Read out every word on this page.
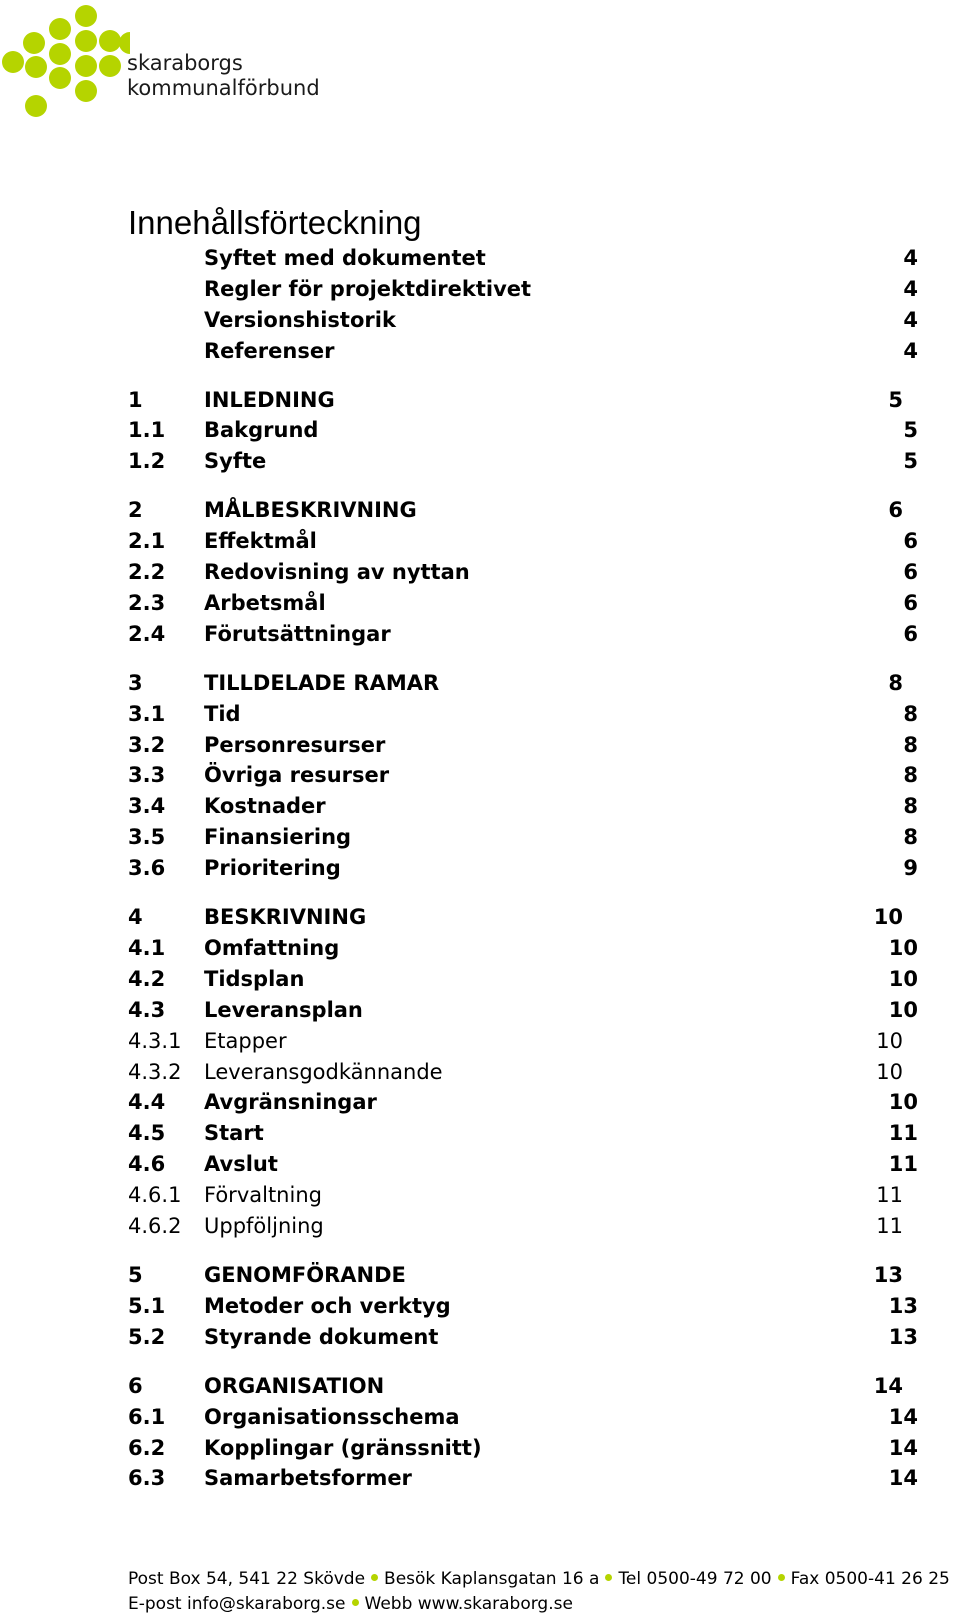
skaraborgs
kommunalförbund
Innehållsförteckning
Syftet med dokumentet	4
Regler för projektdirektivet	4
Versionshistorik	4
Referenser	4
1	INLEDNING	5
1.1 Bakgrund	5
1.2 Syfte	5
2	MÅLBESKRIVNING	6
2.1 Effektmål	6
2.2 Redovisning av nyttan	6
2.3 Arbetsmål	6
2.4 Förutsättningar	6
3	TILLDELADE RAMAR	8
3.1 Tid	8
3.2 Personresurser	8
3.3 Övriga resurser	8
3.4 Kostnader	8
3.5 Finansiering	8
3.6 Prioritering	9
4	BESKRIVNING	10
4.1 Omfattning	10
4.2 Tidsplan	10
4.3 Leveransplan	10
4.3.1 Etapper	10
4.3.2 Leveransgodkännande	10
4.4 Avgränsningar	10
4.5 Start	11
4.6 Avslut	11
4.6.1 Förvaltning	11
4.6.2 Uppföljning	11
5	GENOMFÖRANDE	13
5.1 Metoder och verktyg	13
5.2 Styrande dokument	13
6	ORGANISATION	14
6.1 Organisationsschema	14
6.2 Kopplingar (gränssnitt)	14
6.3 Samarbetsformer	14
Post Box 54, 541 22 Skövde Besök Kaplansgatan 16 a Tel 0500-49 72 00 Fax 0500-41 26 25
E-post info@skaraborg.se Webb www.skaraborg.se
